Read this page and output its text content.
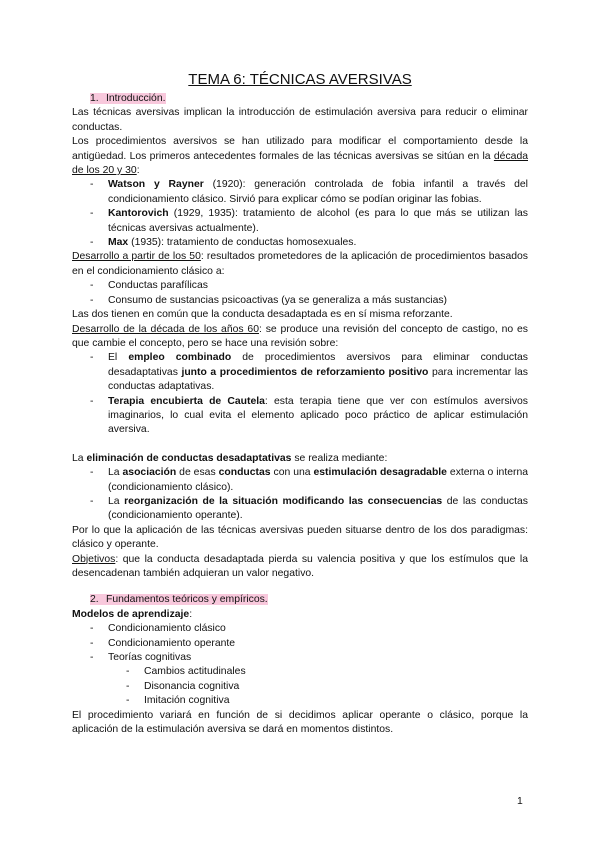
TEMA 6: TÉCNICAS AVERSIVAS
1. Introducción.

Las técnicas aversivas implican la introducción de estimulación aversiva para reducir o eliminar conductas.

Los procedimientos aversivos se han utilizado para modificar el comportamiento desde la antigüedad. Los primeros antecedentes formales de las técnicas aversivas se sitúan en la década de los 20 y 30:

- Watson y Rayner (1920): generación controlada de fobia infantil a través del condicionamiento clásico. Sirvió para explicar cómo se podían originar las fobias.
- Kantorovich (1929, 1935): tratamiento de alcohol (es para lo que más se utilizan las técnicas aversivas actualmente).
- Max (1935): tratamiento de conductas homosexuales.

Desarrollo a partir de los 50: resultados prometedores de la aplicación de procedimientos basados en el condicionamiento clásico a:

- Conductas parafílicas
- Consumo de sustancias psicoactivas (ya se generaliza a más sustancias)

Las dos tienen en común que la conducta desadaptada es en sí misma reforzante.

Desarrollo de la década de los años 60: se produce una revisión del concepto de castigo, no es que cambie el concepto, pero se hace una revisión sobre:

- El empleo combinado de procedimientos aversivos para eliminar conductas desadaptativas junto a procedimientos de reforzamiento positivo para incrementar las conductas adaptativas.
- Terapia encubierta de Cautela: esta terapia tiene que ver con estímulos aversivos imaginarios, lo cual evita el elemento aplicado poco práctico de aplicar estimulación aversiva.

La eliminación de conductas desadaptativas se realiza mediante:

- La asociación de esas conductas con una estimulación desagradable externa o interna (condicionamiento clásico).
- La reorganización de la situación modificando las consecuencias de las conductas (condicionamiento operante).

Por lo que la aplicación de las técnicas aversivas pueden situarse dentro de los dos paradigmas: clásico y operante.

Objetivos: que la conducta desadaptada pierda su valencia positiva y que los estímulos que la desencadenan también adquieran un valor negativo.

2. Fundamentos teóricos y empíricos.

Modelos de aprendizaje:

- Condicionamiento clásico
- Condicionamiento operante
- Teorías cognitivas
- Cambios actitudinales
- Disonancia cognitiva
- Imitación cognitiva

El procedimiento variará en función de si decidimos aplicar operante o clásico, porque la aplicación de la estimulación aversiva se dará en momentos distintos.

1
